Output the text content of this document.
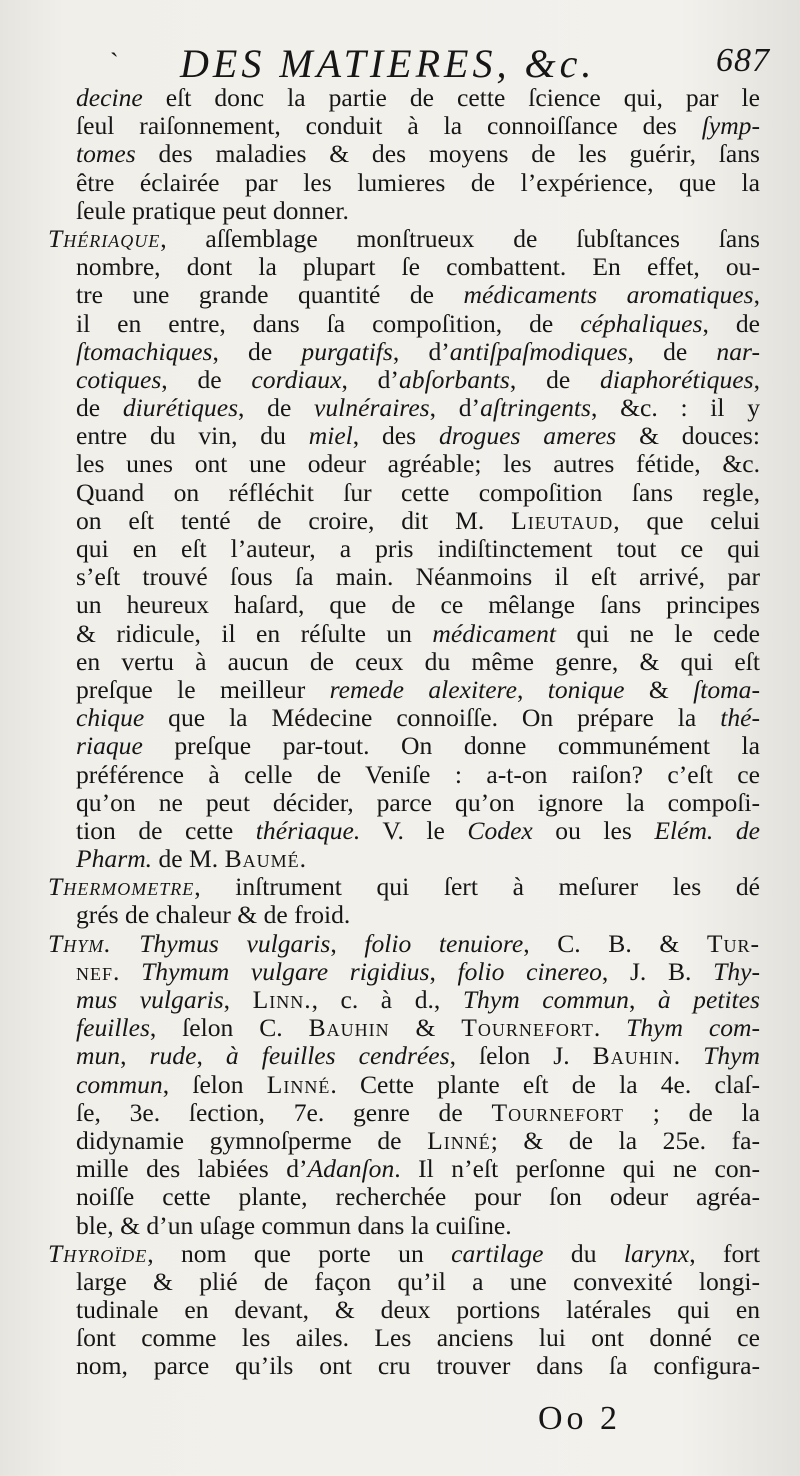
` DES MATIERES, &c.	687
decine eſt donc la partie de cette ſcience qui, par le
ſeul raiſonnement, conduit à la connoiſſance des ſymp-
tomes des maladies & des moyens de les guérir, ſans
être éclairée par les lumieres de l’expérience, que la
ſeule pratique peut donner.
Thériaque, aſſemblage monſtrueux de ſubſtances ſans
nombre, dont la plupart ſe combattent. En effet, ou-
tre une grande quantité de médicaments aromatiques,
il en entre, dans ſa compoſition, de céphaliques, de
ſtomachiques, de purgatifs, d’antiſpaſmodiques, de nar-
cotiques, de cordiaux, d’abſorbants, de diaphorétiques,
de diurétiques, de vulnéraires, d’aſtringents, &c. : il y
entre du vin, du miel, des drogues ameres & douces:
les unes ont une odeur agréable; les autres fétide, &c.
Quand on réfléchit ſur cette compoſition ſans regle,
on eſt tenté de croire, dit M. Lieutaud, que celui
qui en eſt l’auteur, a pris indiſtinctement tout ce qui
s’eſt trouvé ſous ſa main. Néanmoins il eſt arrivé, par
un heureux haſard, que de ce mêlange ſans principes
& ridicule, il en réſulte un médicament qui ne le cede
en vertu à aucun de ceux du même genre, & qui eſt
preſque le meilleur remede alexitere, tonique & ſtoma-
chique que la Médecine connoiſſe. On prépare la thé-
riaque preſque par-tout. On donne communément la
préférence à celle de Veniſe : a-t-on raiſon? c’eſt ce
qu’on ne peut décider, parce qu’on ignore la compoſi-
tion de cette thériaque. V. le Codex ou les Elém. de
Pharm. de M. Baumé.
Thermometre, inſtrument qui ſert à meſurer les dé
grés de chaleur & de froid.
Thym. Thymus vulgaris, folio tenuiore, C. B. & Tur-
nef. Thymum vulgare rigidius, folio cinereo, J. B. Thy-
mus vulgaris, Linn., c. à d., Thym commun, à petites
feuilles, ſelon C. Bauhin & Tournefort. Thym com-
mun, rude, à feuilles cendrées, ſelon J. Bauhin. Thym
commun, ſelon Linné. Cette plante eſt de la 4e. claſ-
ſe, 3e. ſection, 7e. genre de Tournefort ; de la
didynamie gymnoſperme de Linné; & de la 25e. fa-
mille des labiées d’Adanſon. Il n’eſt perſonne qui ne con-
noiſſe cette plante, recherchée pour ſon odeur agréa-
ble, & d’un uſage commun dans la cuiſine.
Thyroïde, nom que porte un cartilage du larynx, fort
large & plié de façon qu’il a une convexité longi-
tudinale en devant, & deux portions latérales qui en
ſont comme les ailes. Les anciens lui ont donné ce
nom, parce qu’ils ont cru trouver dans ſa configura-
Oo 2
